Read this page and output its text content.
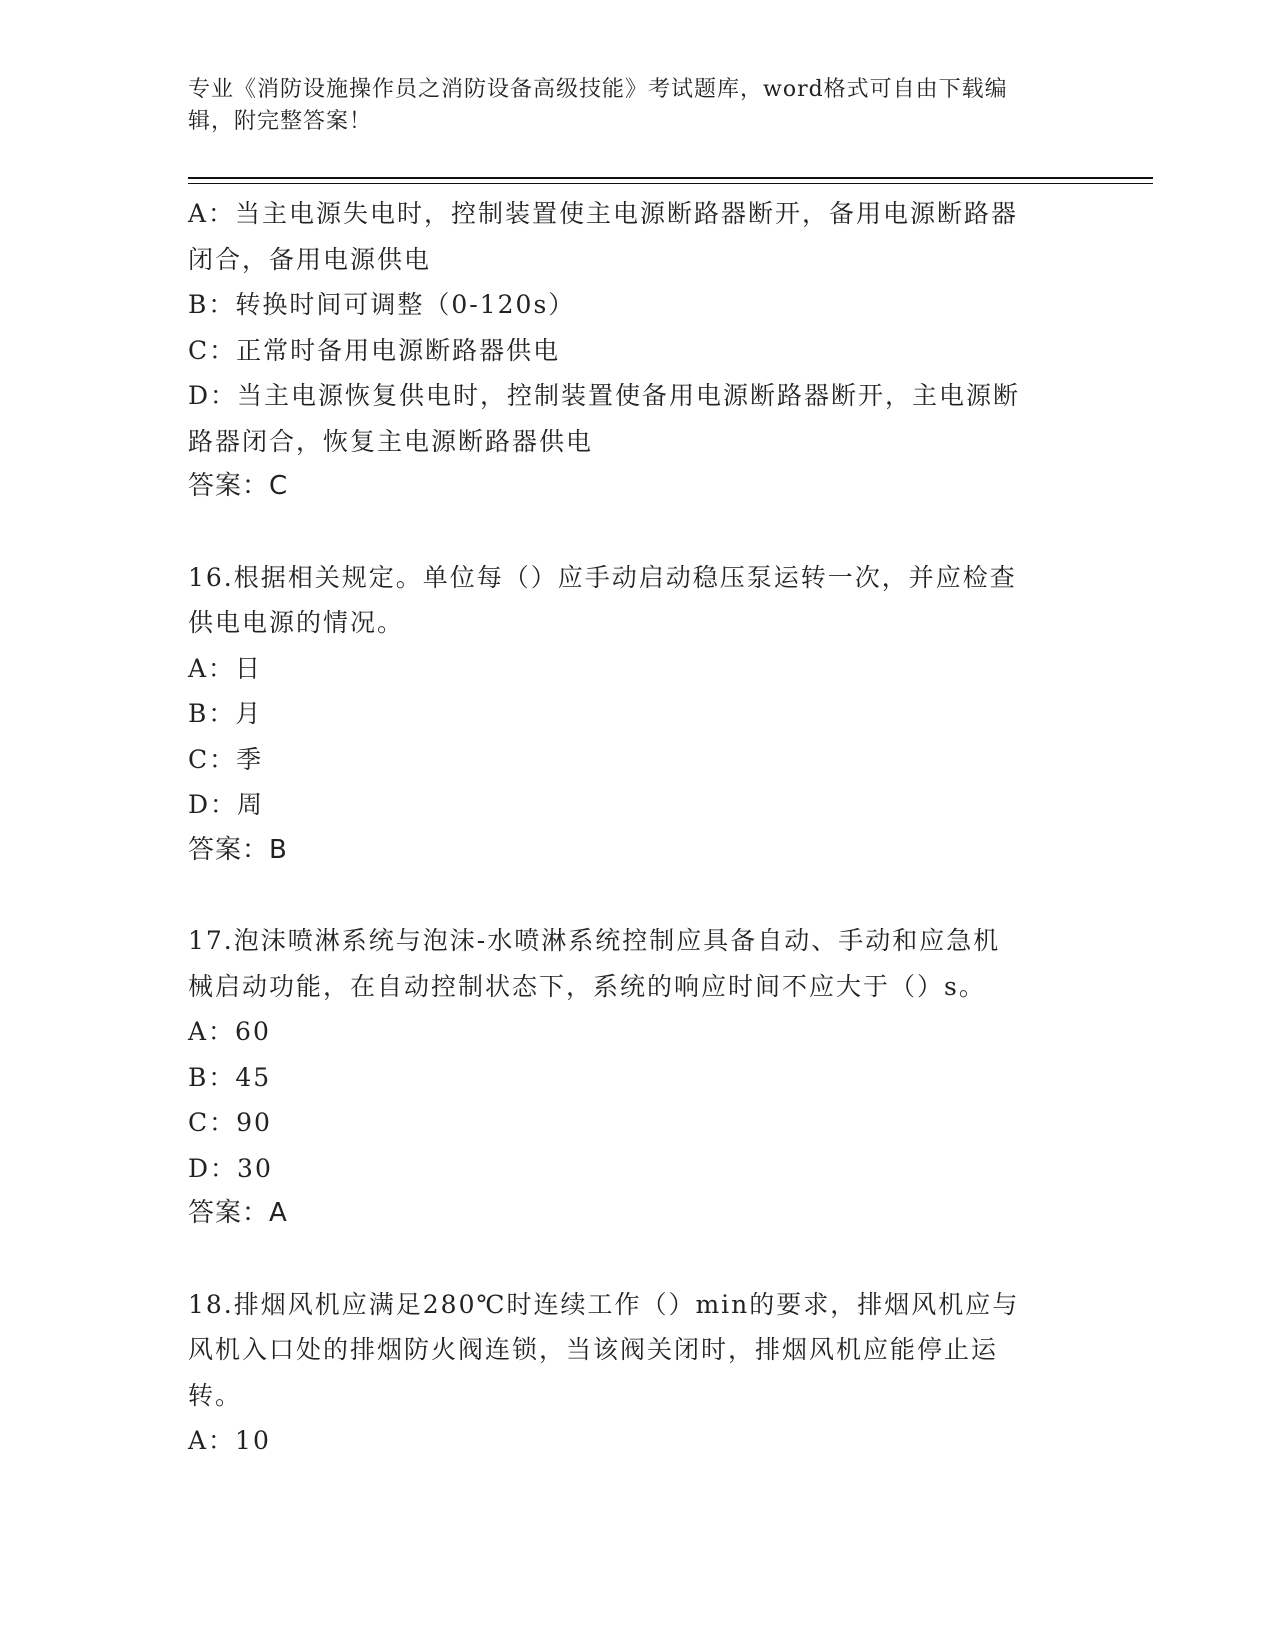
专业《消防设施操作员之消防设备高级技能》考试题库，word格式可自由下载编
辑，附完整答案！
A：当主电源失电时，控制装置使主电源断路器断开，备用电源断路器
闭合，备用电源供电
B：转换时间可调整（0-120s）
C：正常时备用电源断路器供电
D：当主电源恢复供电时，控制装置使备用电源断路器断开，主电源断
路器闭合，恢复主电源断路器供电
答案：C
16.根据相关规定。单位每（）应手动启动稳压泵运转一次，并应检查
供电电源的情况。
A：日
B：月
C：季
D：周
答案：B
17.泡沫喷淋系统与泡沫-水喷淋系统控制应具备自动、手动和应急机
械启动功能，在自动控制状态下，系统的响应时间不应大于（）s。
A：60
B：45
C：90
D：30
答案：A
18.排烟风机应满足280℃时连续工作（）min的要求，排烟风机应与
风机入口处的排烟防火阀连锁，当该阀关闭时，排烟风机应能停止运
转。
A：10
